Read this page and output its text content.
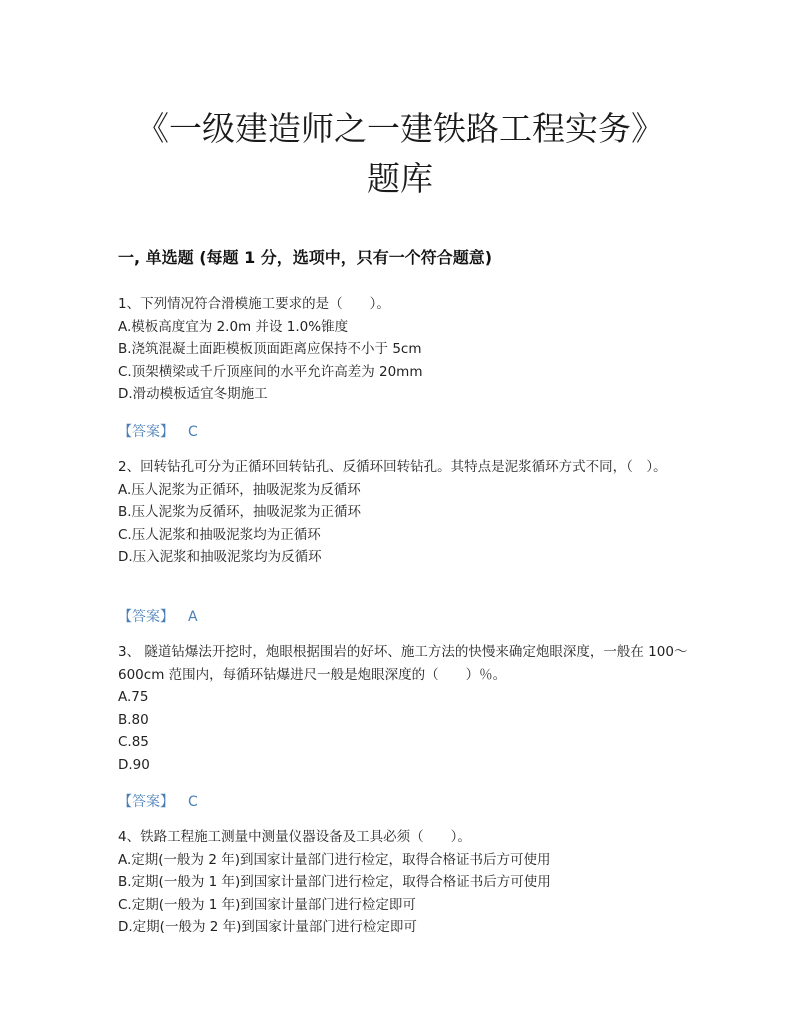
《一级建造师之一建铁路工程实务》
题库
一, 单选题 (每题 1 分，选项中，只有一个符合题意)
1、下列情况符合滑模施工要求的是（　　）。
A.模板高度宜为 2.0m 并设 1.0%锥度
B.浇筑混凝土面距模板顶面距离应保持不小于 5cm
C.顶架横梁或千斤顶座间的水平允许高差为 20mm
D.滑动模板适宜冬期施工
【答案】 C
2、回转钻孔可分为正循环回转钻孔、反循环回转钻孔。其特点是泥浆循环方式不同，（　）。
A.压人泥浆为正循环，抽吸泥浆为反循环
B.压人泥浆为反循环，抽吸泥浆为正循环
C.压人泥浆和抽吸泥浆均为正循环
D.压入泥浆和抽吸泥浆均为反循环
【答案】 A
3、 隧道钻爆法开挖时，炮眼根据围岩的好坏、施工方法的快慢来确定炮眼深度，一般在 100～600cm 范围内，每循环钻爆进尺一般是炮眼深度的（　　）％。
A.75
B.80
C.85
D.90
【答案】 C
4、铁路工程施工测量中测量仪器设备及工具必须（　　）。
A.定期(一般为 2 年)到国家计量部门进行检定，取得合格证书后方可使用
B.定期(一般为 1 年)到国家计量部门进行检定，取得合格证书后方可使用
C.定期(一般为 1 年)到国家计量部门进行检定即可
D.定期(一般为 2 年)到国家计量部门进行检定即可
